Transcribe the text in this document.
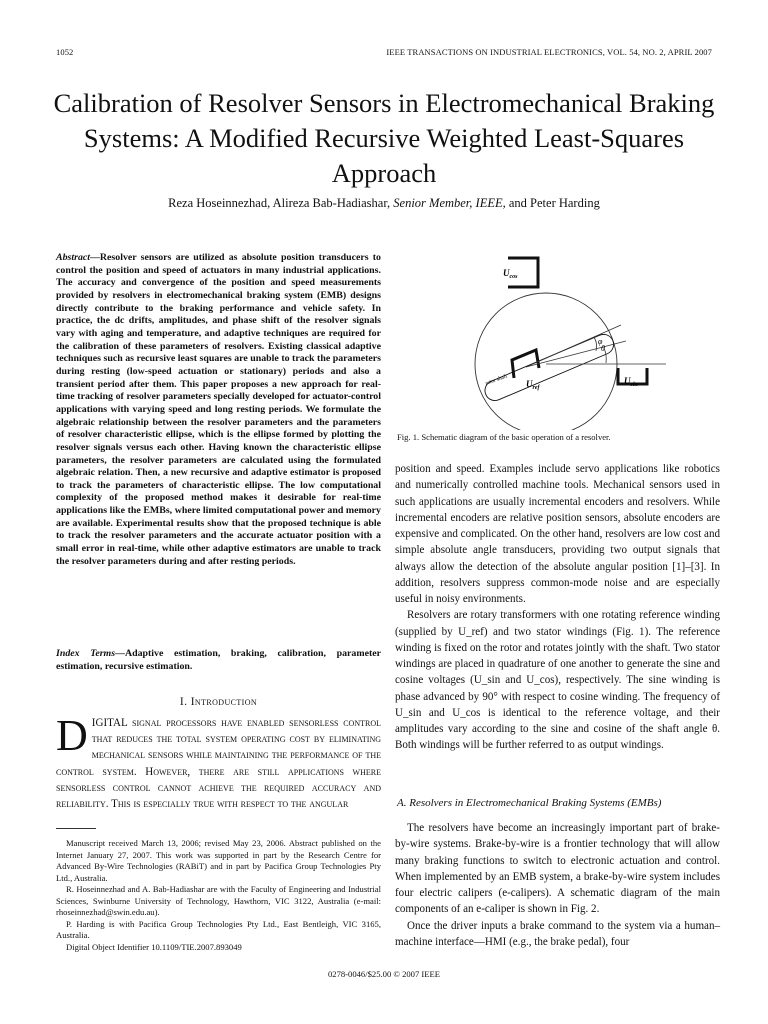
1052	IEEE TRANSACTIONS ON INDUSTRIAL ELECTRONICS, VOL. 54, NO. 2, APRIL 2007
Calibration of Resolver Sensors in Electromechanical Braking Systems: A Modified Recursive Weighted Least-Squares Approach
Reza Hoseinnezhad, Alireza Bab-Hadiashar, Senior Member, IEEE, and Peter Harding
Abstract—Resolver sensors are utilized as absolute position transducers to control the position and speed of actuators in many industrial applications. The accuracy and convergence of the position and speed measurements provided by resolvers in electromechanical braking system (EMB) designs directly contribute to the braking performance and vehicle safety. In practice, the dc drifts, amplitudes, and phase shift of the resolver signals vary with aging and temperature, and adaptive techniques are required for the calibration of these parameters of resolvers. Existing classical adaptive techniques such as recursive least squares are unable to track the parameters during resting (low-speed actuation or stationary) periods and also a transient period after them. This paper proposes a new approach for real-time tracking of resolver parameters specially developed for actuator-control applications with varying speed and long resting periods. We formulate the algebraic relationship between the resolver parameters and the parameters of resolver characteristic ellipse, which is the ellipse formed by plotting the resolver signals versus each other. Having known the characteristic ellipse parameters, the resolver parameters are calculated using the formulated algebraic relation. Then, a new recursive and adaptive estimator is proposed to track the parameters of characteristic ellipse. The low computational complexity of the proposed method makes it desirable for real-time applications like the EMBs, where limited computational power and memory are available. Experimental results show that the proposed technique is able to track the resolver parameters and the accurate actuator position with a small error in real-time, while other adaptive estimators are unable to track the resolver parameters during and after resting periods.
Index Terms—Adaptive estimation, braking, calibration, parameter estimation, recursive estimation.
I. Introduction
DIGITAL signal processors have enabled sensorless control that reduces the total system operating cost by eliminating mechanical sensors while maintaining the performance of the control system. However, there are still applications where sensorless control cannot achieve the required accuracy and reliability. This is especially true with respect to the angular

Manuscript received March 13, 2006; revised May 23, 2006. Abstract published on the Internet January 27, 2007. This work was supported in part by the Research Centre for Advanced By-Wire Technologies (RABiT) and in part by Pacifica Group Technologies Pty Ltd., Australia.

R. Hoseinnezhad and A. Bab-Hadiashar are with the Faculty of Engineering and Industrial Sciences, Swinburne University of Technology, Hawthorn, VIC 3122, Australia (e-mail: rhoseinnezhad@swin.edu.au).

P. Harding is with Pacifica Group Technologies Pty Ltd., East Bentleigh, VIC 3165, Australia.

Digital Object Identifier 10.1109/TIE.2007.893049

$U_{cos}$
rotor shaft $U_{ref}$
φ
θ
$U_{sin}$
Fig. 1. Schematic diagram of the basic operation of a resolver.

position and speed. Examples include servo applications like robotics and numerically controlled machine tools. Mechanical sensors used in such applications are usually incremental encoders and resolvers. While incremental encoders are relative position sensors, absolute encoders are expensive and complicated. On the other hand, resolvers are low cost and simple absolute angle transducers, providing two output signals that always allow the detection of the absolute angular position [1]–[3]. In addition, resolvers suppress common-mode noise and are especially useful in noisy environments.

Resolvers are rotary transformers with one rotating reference winding (supplied by U_ref) and two stator windings (Fig. 1). The reference winding is fixed on the rotor and rotates jointly with the shaft. Two stator windings are placed in quadrature of one another to generate the sine and cosine voltages (U_sin and U_cos), respectively. The sine winding is phase advanced by 90° with respect to cosine winding. The frequency of U_sin and U_cos is identical to the reference voltage, and their amplitudes vary according to the sine and cosine of the shaft angle θ. Both windings will be further referred to as output windings.

A. Resolvers in Electromechanical Braking Systems (EMBs)

The resolvers have become an increasingly important part of brake-by-wire systems. Brake-by-wire is a frontier technology that will allow many braking functions to switch to electronic actuation and control. When implemented by an EMB system, a brake-by-wire system includes four electric calipers (e-calipers). A schematic diagram of the main components of an e-caliper is shown in Fig. 2.

Once the driver inputs a brake command to the system via a human–machine interface—HMI (e.g., the brake pedal), four

0278-0046/$25.00 © 2007 IEEE
